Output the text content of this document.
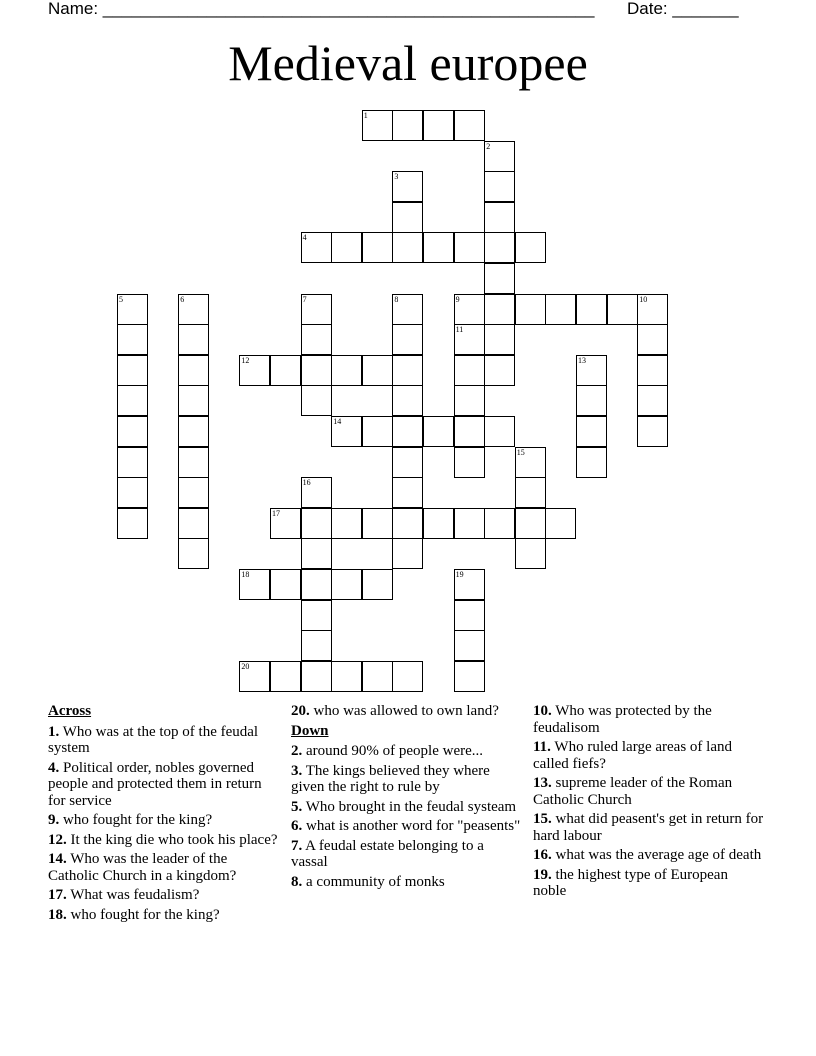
Name: ____________________________________________________ Date: _______
Medieval europee
1
2
3
4
5	6	7	8	9	10
11
12	13
14
15
16
17
18	19
20
Across
1. Who was at the top of the feudal system
4. Political order, nobles governed people and protected them in return for service
9. who fought for the king?
12. It the king die who took his place?
14. Who was the leader of the Catholic Church in a kingdom?
17. What was feudalism?
18. who fought for the king?
20. who was allowed to own land?
Down
2. around 90% of people were...
3. The kings believed they where given the right to rule by
5. Who brought in the feudal systeam
6. what is another word for "peasents"
7. A feudal estate belonging to a vassal
8. a community of monks
10. Who was protected by the feudalisom
11. Who ruled large areas of land called fiefs?
13. supreme leader of the Roman Catholic Church
15. what did peasent's get in return for hard labour
16. what was the average age of death
19. the highest type of European noble
